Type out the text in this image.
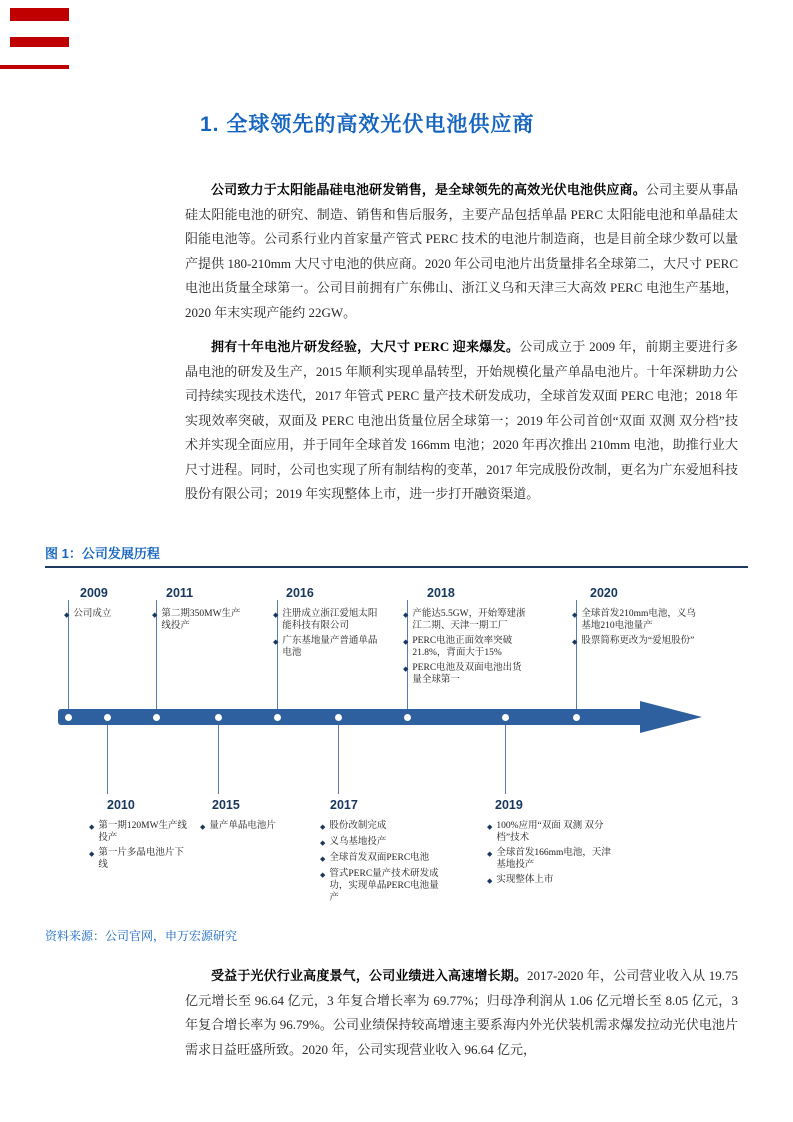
1. 全球领先的高效光伏电池供应商

公司致力于太阳能晶硅电池研发销售，是全球领先的高效光伏电池供应商。公司主要从事晶硅太阳能电池的研究、制造、销售和售后服务，主要产品包括单晶 PERC 太阳能电池和单晶硅太阳能电池等。公司系行业内首家量产管式 PERC 技术的电池片制造商，也是目前全球少数可以量产提供 180-210mm 大尺寸电池的供应商。2020 年公司电池片出货量排名全球第二，大尺寸 PERC 电池出货量全球第一。公司目前拥有广东佛山、浙江义乌和天津三大高效 PERC 电池生产基地，2020 年末实现产能约 22GW。

拥有十年电池片研发经验，大尺寸 PERC 迎来爆发。公司成立于 2009 年，前期主要进行多晶电池的研发及生产，2015 年顺利实现单晶转型，开始规模化量产单晶电池片。十年深耕助力公司持续实现技术迭代，2017 年管式 PERC 量产技术研发成功，全球首发双面 PERC 电池；2018 年实现效率突破，双面及 PERC 电池出货量位居全球第一；2019 年公司首创“双面 双测 双分档”技术并实现全面应用，并于同年全球首发 166mm 电池；2020 年再次推出 210mm 电池，助推行业大尺寸进程。同时，公司也实现了所有制结构的变革，2017 年完成股份改制，更名为广东爱旭科技股份有限公司；2019 年实现整体上市，进一步打开融资渠道。

图 1：公司发展历程
2009
◆ 公司成立
2010
◆ 第一期120MW生产线投产
◆ 第一片多晶电池片下线
2011
◆ 第二期350MW生产线投产
2015
◆ 量产单晶电池片
2016
◆ 注册成立浙江爱旭太阳能科技有限公司
◆ 广东基地量产普通单晶电池
2017
◆ 股份改制完成
◆ 义乌基地投产
◆ 全球首发双面PERC电池
◆ 管式PERC量产技术研发成功，实现单晶PERC电池量产
2018
◆ 产能达5.5GW，开始筹建浙江二期、天津一期工厂
◆ PERC电池正面效率突破21.8%，背面大于15%
◆ PERC电池及双面电池出货量全球第一
2019
◆ 100%应用“双面 双测 双分档”技术
◆ 全球首发166mm电池，天津基地投产
◆ 实现整体上市
2020
◆ 全球首发210mm电池，义乌基地210电池量产
◆ 股票简称更改为“爱旭股份”
资料来源：公司官网，申万宏源研究

受益于光伏行业高度景气，公司业绩进入高速增长期。2017-2020 年，公司营业收入从 19.75 亿元增长至 96.64 亿元，3 年复合增长率为 69.77%；归母净利润从 1.06 亿元增长至 8.05 亿元，3 年复合增长率为 96.79%。公司业绩保持较高增速主要系海内外光伏装机需求爆发拉动光伏电池片需求日益旺盛所致。2020 年，公司实现营业收入 96.64 亿元，
